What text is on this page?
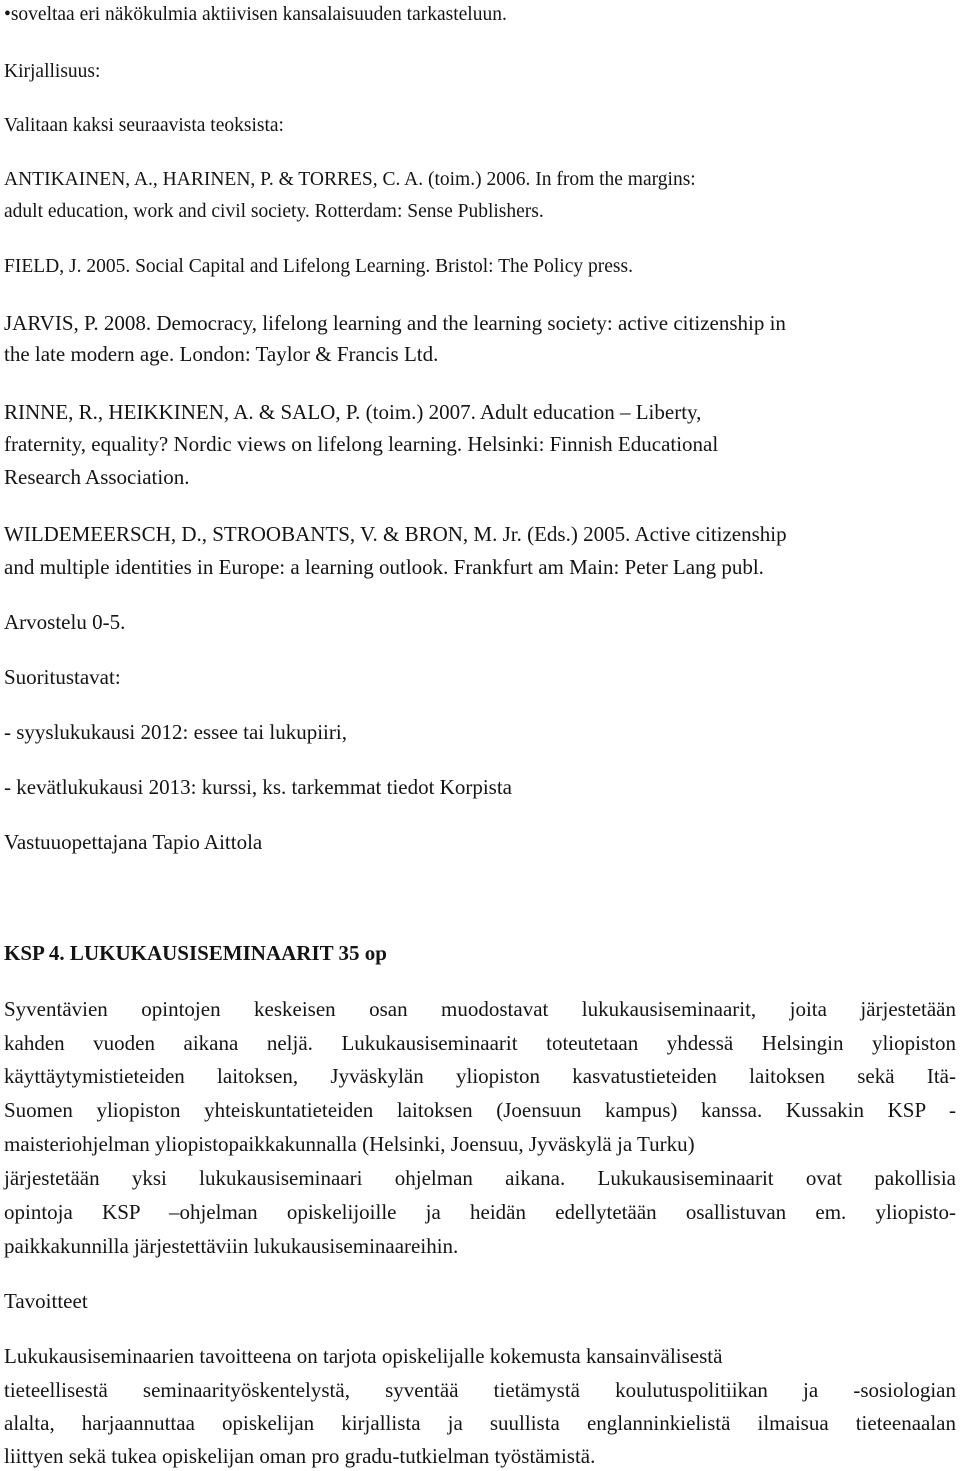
•soveltaa eri näkökulmia aktiivisen kansalaisuuden tarkasteluun.
Kirjallisuus:
Valitaan kaksi seuraavista teoksista:
ANTIKAINEN, A., HARINEN, P. & TORRES, C. A. (toim.) 2006. In from the margins:
adult education, work and civil society. Rotterdam: Sense Publishers.
FIELD, J. 2005. Social Capital and Lifelong Learning. Bristol: The Policy press.
JARVIS, P. 2008. Democracy, lifelong learning and the learning society: active citizenship in
the late modern age. London: Taylor & Francis Ltd.
RINNE, R., HEIKKINEN, A. & SALO, P. (toim.) 2007. Adult education – Liberty,
fraternity, equality? Nordic views on lifelong learning. Helsinki: Finnish Educational
Research Association.
WILDEMEERSCH, D., STROOBANTS, V. & BRON, M. Jr. (Eds.) 2005. Active citizenship
and multiple identities in Europe: a learning outlook. Frankfurt am Main: Peter Lang publ.
Arvostelu 0-5.
Suoritustavat:
- syyslukukausi 2012: essee tai lukupiiri,
- kevätlukukausi 2013: kurssi, ks. tarkemmat tiedot Korpista
Vastuuopettajana Tapio Aittola
KSP 4. LUKUKAUSISEMINAARIT 35 op
Syventävien opintojen keskeisen osan muodostavat lukukausiseminaarit, joita järjestetään
kahden vuoden aikana neljä. Lukukausiseminaarit toteutetaan yhdessä Helsingin yliopiston
käyttäytymistieteiden laitoksen, Jyväskylän yliopiston kasvatustieteiden laitoksen sekä Itä-
Suomen yliopiston yhteiskuntatieteiden laitoksen (Joensuun kampus) kanssa. Kussakin KSP -
maisteriohjelman yliopistopaikkakunnalla (Helsinki, Joensuu, Jyväskylä ja Turku)
järjestetään yksi lukukausiseminaari ohjelman aikana. Lukukausiseminaarit ovat pakollisia
opintoja KSP –ohjelman opiskelijoille ja heidän edellytetään osallistuvan em. yliopisto-
paikkakunnilla järjestettäviin lukukausiseminaareihin.
Tavoitteet
Lukukausiseminaarien tavoitteena on tarjota opiskelijalle kokemusta kansainvälisestä
tieteellisestä seminaarityöskentelystä, syventää tietämystä koulutuspolitiikan ja -sosiologian
alalta, harjaannuttaa opiskelijan kirjallista ja suullista englanninkielistä ilmaisua tieteenaalan
liittyen sekä tukea opiskelijan oman pro gradu-tutkielman työstämistä.
